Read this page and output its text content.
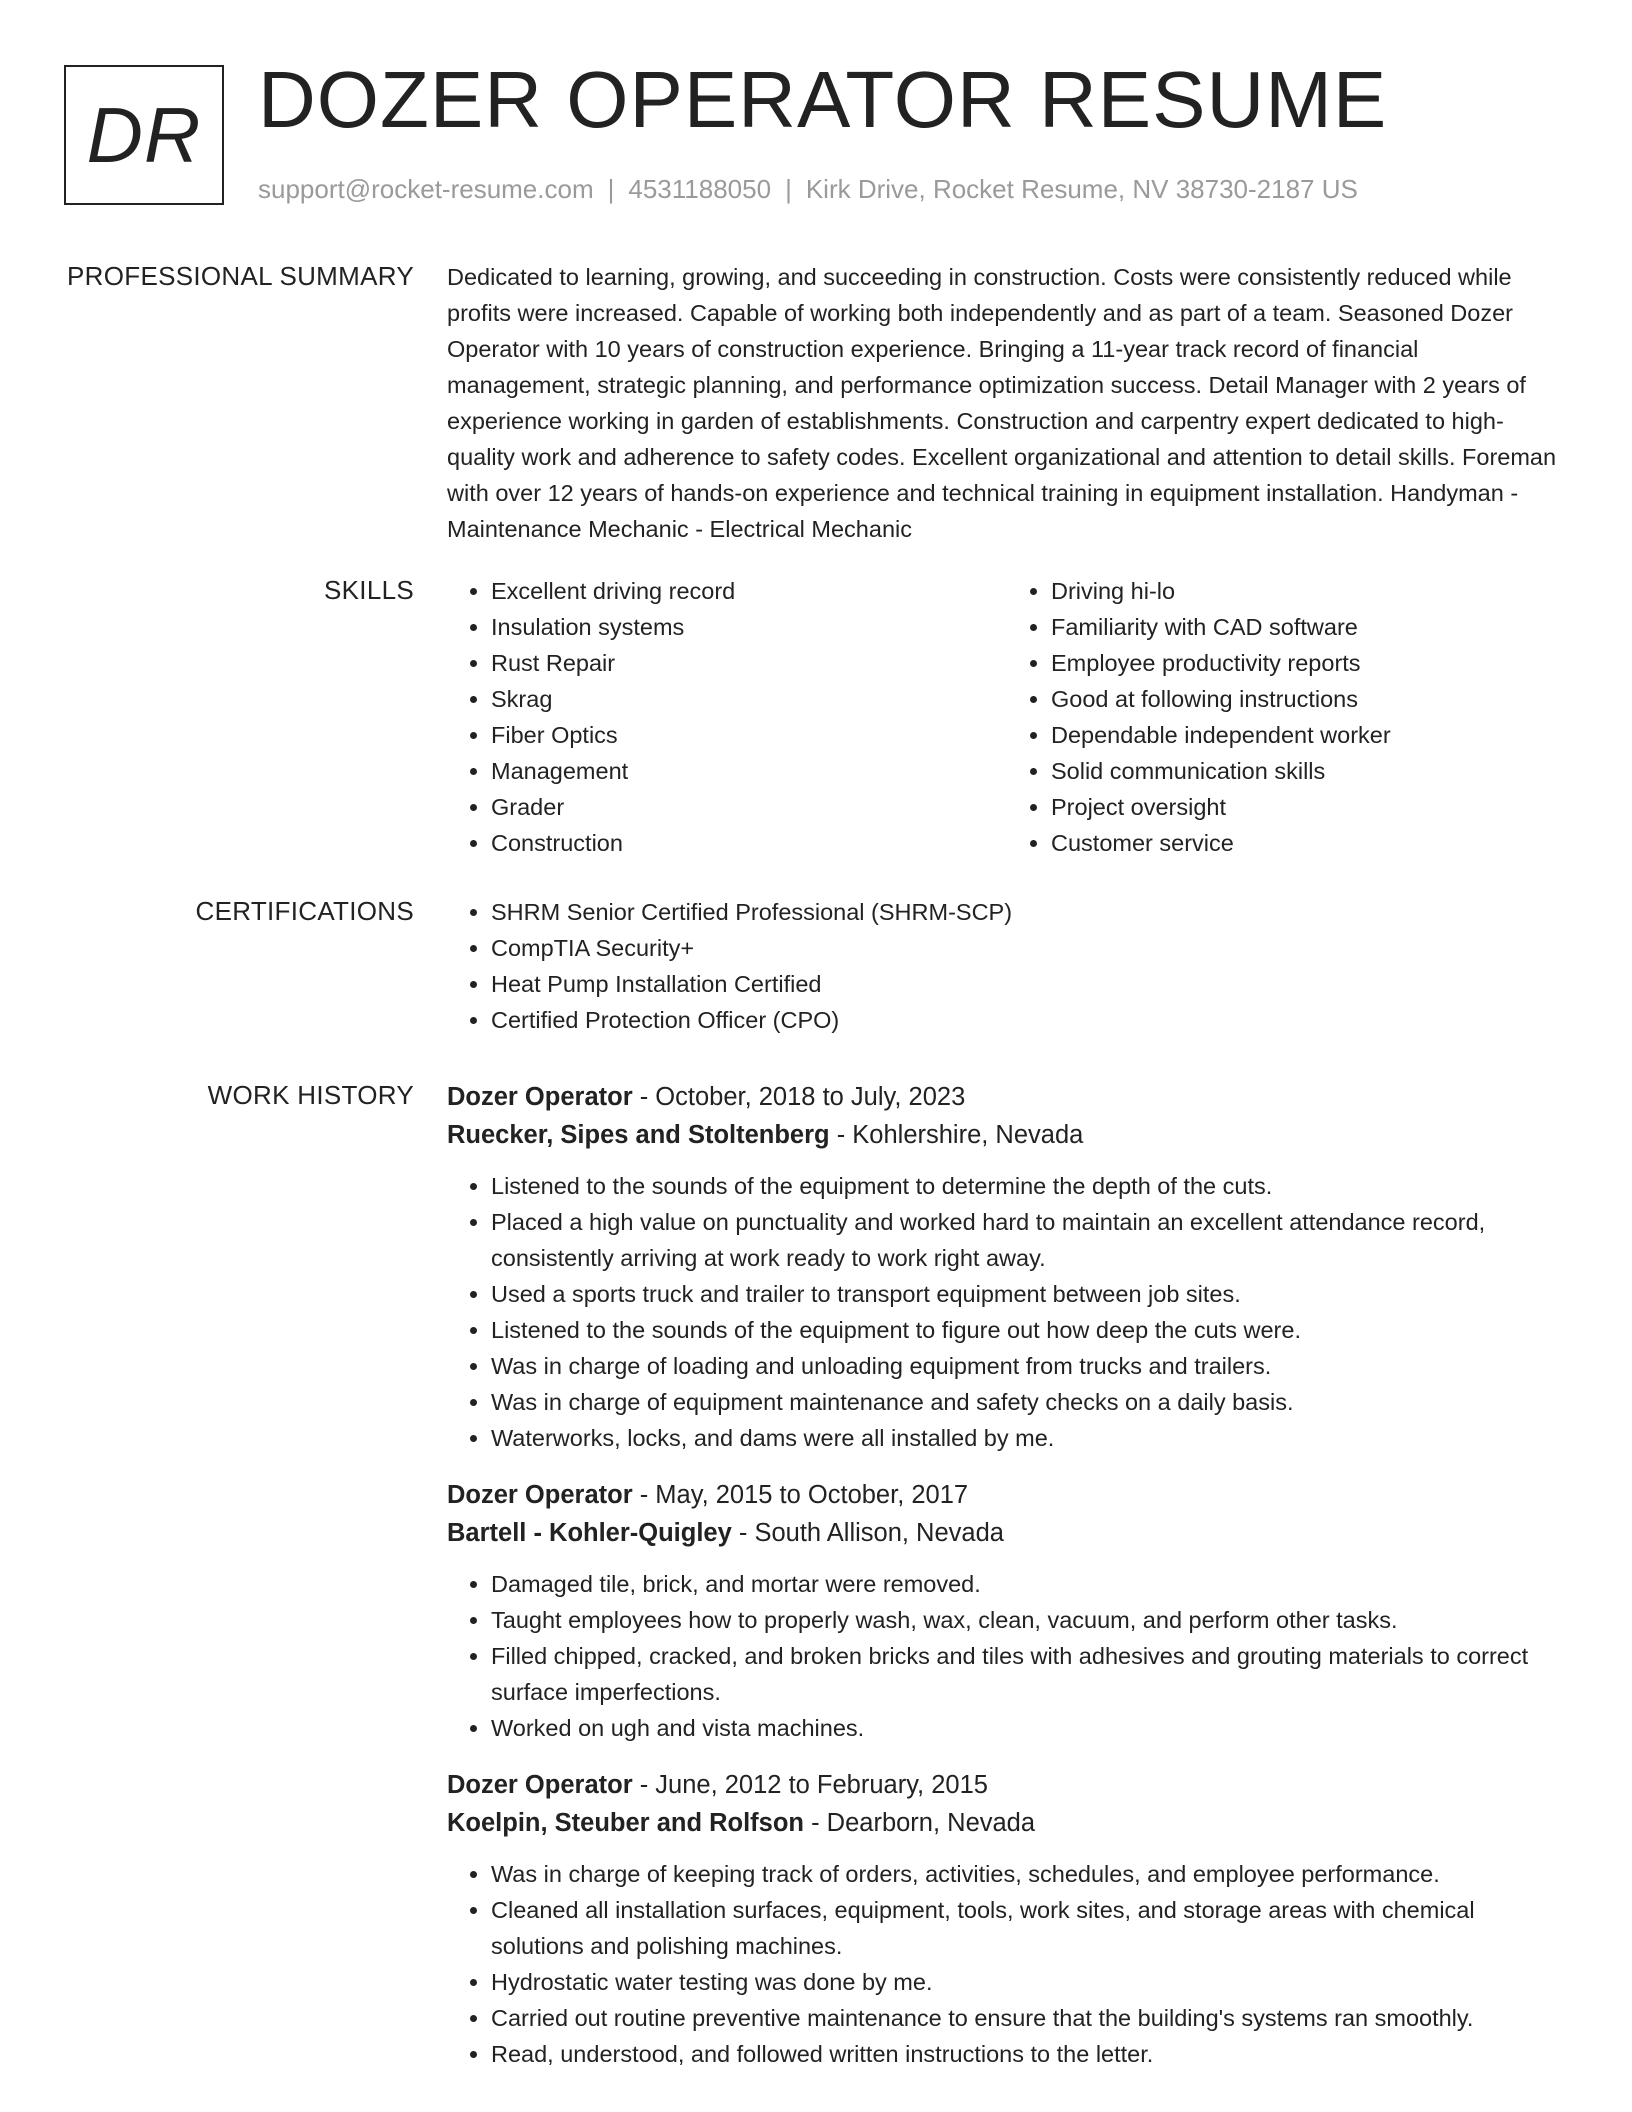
DR DOZER OPERATOR RESUME
support@rocket-resume.com | 4531188050 | Kirk Drive, Rocket Resume, NV 38730-2187 US
PROFESSIONAL SUMMARY Dedicated to learning, growing, and succeeding in construction. Costs were consistently reduced while profits were increased. Capable of working both independently and as part of a team. Seasoned Dozer Operator with 10 years of construction experience. Bringing a 11-year track record of financial management, strategic planning, and performance optimization success. Detail Manager with 2 years of experience working in garden of establishments. Construction and carpentry expert dedicated to high-quality work and adherence to safety codes. Excellent organizational and attention to detail skills. Foreman with over 12 years of hands-on experience and technical training in equipment installation. Handyman - Maintenance Mechanic - Electrical Mechanic

SKILLS	• Excellent driving record
• Insulation systems
• Rust Repair
• Skrag
• Fiber Optics
• Management
• Grader
• Construction
• Driving hi-lo
• Familiarity with CAD software
• Employee productivity reports
• Good at following instructions
• Dependable independent worker
• Solid communication skills
• Project oversight
• Customer service
CERTIFICATIONS	• SHRM Senior Certified Professional (SHRM-SCP)
• CompTIA Security+
• Heat Pump Installation Certified
• Certified Protection Officer (CPO)
WORK HISTORY Dozer Operator - October, 2018 to July, 2023
Ruecker, Sipes and Stoltenberg - Kohlershire, Nevada
• Listened to the sounds of the equipment to determine the depth of the cuts.
• Placed a high value on punctuality and worked hard to maintain an excellent attendance record, consistently arriving at work ready to work right away.
• Used a sports truck and trailer to transport equipment between job sites.
• Listened to the sounds of the equipment to figure out how deep the cuts were.
• Was in charge of loading and unloading equipment from trucks and trailers.
• Was in charge of equipment maintenance and safety checks on a daily basis.
• Waterworks, locks, and dams were all installed by me.
Dozer Operator - May, 2015 to October, 2017
Bartell - Kohler-Quigley - South Allison, Nevada
• Damaged tile, brick, and mortar were removed.
• Taught employees how to properly wash, wax, clean, vacuum, and perform other tasks.
• Filled chipped, cracked, and broken bricks and tiles with adhesives and grouting materials to correct surface imperfections.
• Worked on ugh and vista machines.
Dozer Operator - June, 2012 to February, 2015
Koelpin, Steuber and Rolfson - Dearborn, Nevada
• Was in charge of keeping track of orders, activities, schedules, and employee performance.
• Cleaned all installation surfaces, equipment, tools, work sites, and storage areas with chemical solutions and polishing machines.
• Hydrostatic water testing was done by me.
• Carried out routine preventive maintenance to ensure that the building's systems ran smoothly.
• Read, understood, and followed written instructions to the letter.
